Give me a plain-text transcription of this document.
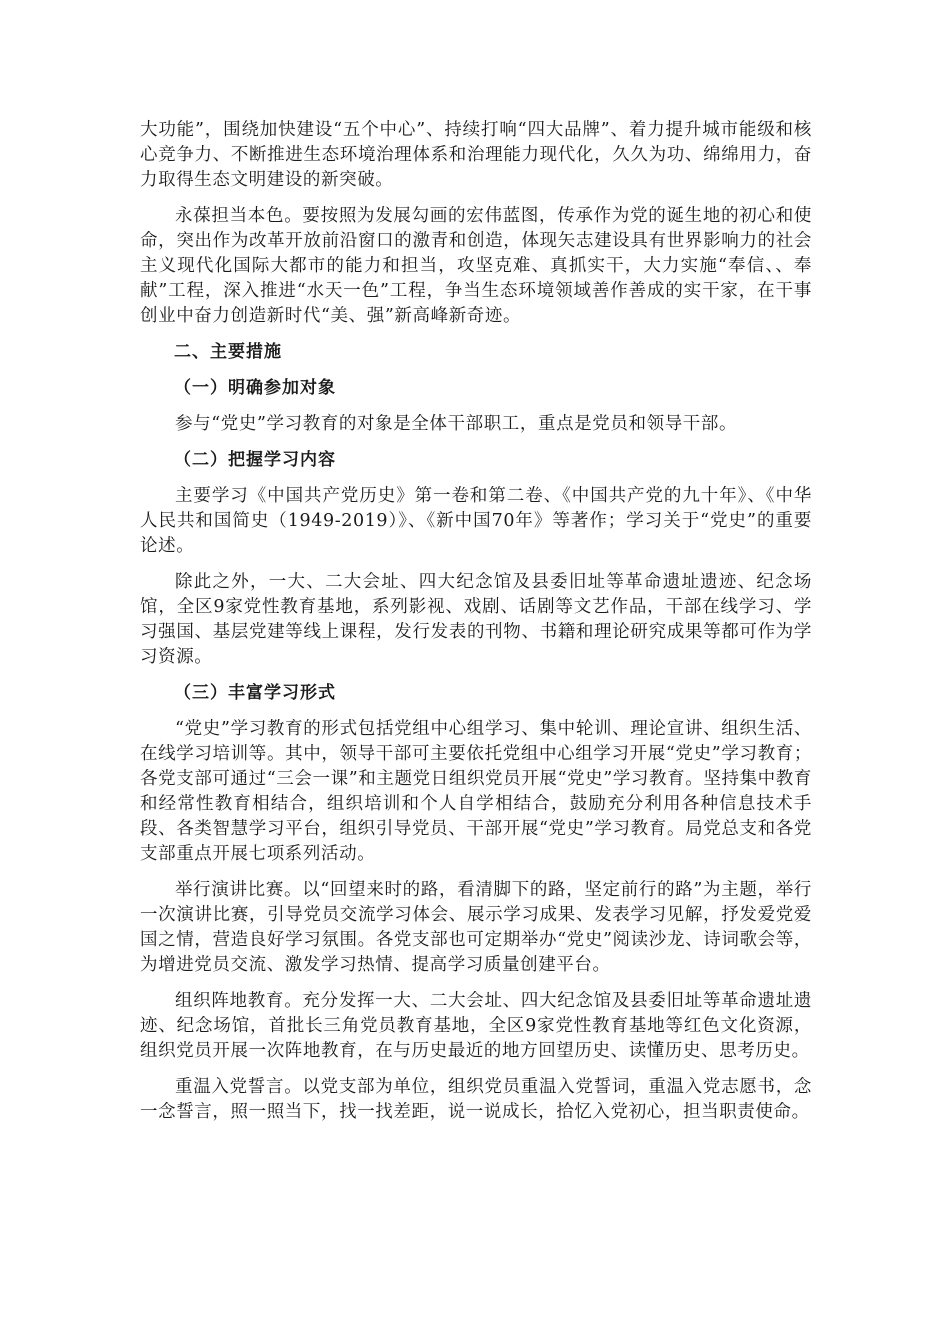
大功能”，围绕加快建设“五个中心”、持续打响“四大品牌”、着力提升城市能级和核心竞争力、不断推进生态环境治理体系和治理能力现代化，久久为功、绵绵用力，奋力取得生态文明建设的新突破。

永葆担当本色。要按照为发展勾画的宏伟蓝图，传承作为党的诞生地的初心和使命，突出作为改革开放前沿窗口的激青和创造，体现矢志建设具有世界影响力的社会主义现代化国际大都市的能力和担当，攻坚克难、真抓实干，大力实施“奉信、、奉献”工程，深入推进“水天一色”工程，争当生态环境领域善作善成的实干家，在干事创业中奋力创造新时代“美、强”新高峰新奇迹。

二、主要措施

（一）明确参加对象

参与“党史”学习教育的对象是全体干部职工，重点是党员和领导干部。

（二）把握学习内容

主要学习《中国共产党历史》第一卷和第二卷、《中国共产党的九十年》、《中华人民共和国简史（1949-2019）》、《新中国70年》等著作；学习关于“党史”的重要论述。

除此之外，一大、二大会址、四大纪念馆及县委旧址等革命遗址遗迹、纪念场馆，全区9家党性教育基地，系列影视、戏剧、话剧等文艺作品，干部在线学习、学习强国、基层党建等线上课程，发行发表的刊物、书籍和理论研究成果等都可作为学习资源。

（三）丰富学习形式

“党史”学习教育的形式包括党组中心组学习、集中轮训、理论宣讲、组织生活、在线学习培训等。其中，领导干部可主要依托党组中心组学习开展“党史”学习教育；各党支部可通过“三会一课”和主题党日组织党员开展“党史”学习教育。坚持集中教育和经常性教育相结合，组织培训和个人自学相结合，鼓励充分利用各种信息技术手段、各类智慧学习平台，组织引导党员、干部开展“党史”学习教育。局党总支和各党支部重点开展七项系列活动。

举行演讲比赛。以“回望来时的路，看清脚下的路，坚定前行的路”为主题，举行一次演讲比赛，引导党员交流学习体会、展示学习成果、发表学习见解，抒发爱党爱国之情，营造良好学习氛围。各党支部也可定期举办“党史”阅读沙龙、诗词歌会等，为增进党员交流、激发学习热情、提高学习质量创建平台。

组织阵地教育。充分发挥一大、二大会址、四大纪念馆及县委旧址等革命遗址遗迹、纪念场馆，首批长三角党员教育基地，全区9家党性教育基地等红色文化资源，组织党员开展一次阵地教育，在与历史最近的地方回望历史、读懂历史、思考历史。

重温入党誓言。以党支部为单位，组织党员重温入党誓词，重温入党志愿书，念一念誓言，照一照当下，找一找差距，说一说成长，拾忆入党初心，担当职责使命。
